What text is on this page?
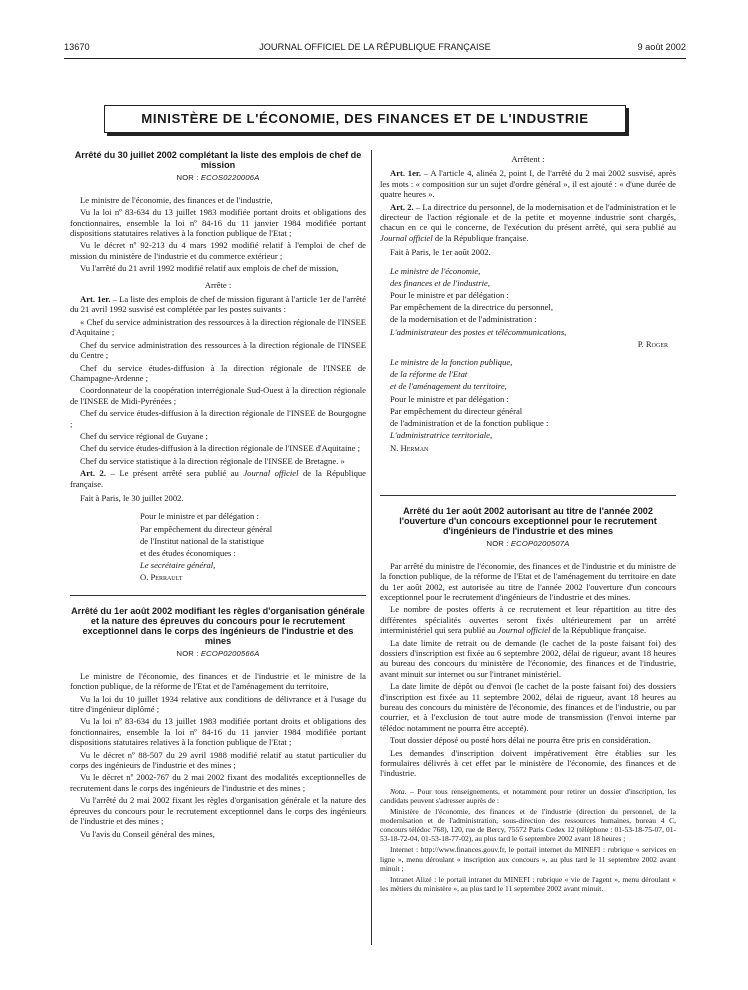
13670	JOURNAL OFFICIEL DE LA RÉPUBLIQUE FRANÇAISE	9 août 2002
MINISTÈRE DE L'ÉCONOMIE, DES FINANCES ET DE L'INDUSTRIE
Arrêté du 30 juillet 2002 complétant la liste des emplois de chef de mission
NOR : ECOS0220006A

Le ministre de l'économie, des finances et de l'industrie,

Vu la loi nº 83-634 du 13 juillet 1983 modifiée portant droits et obligations des fonctionnaires, ensemble la loi nº 84-16 du 11 janvier 1984 modifiée portant dispositions statutaires relatives à la fonction publique de l'Etat ;

Vu le décret nº 92-213 du 4 mars 1992 modifié relatif à l'emploi de chef de mission du ministère de l'industrie et du commerce extérieur ;

Vu l'arrêté du 21 avril 1992 modifié relatif aux emplois de chef de mission,

Arrête :

Art. 1er. – La liste des emplois de chef de mission figurant à l'article 1er de l'arrêté du 21 avril 1992 susvisé est complétée par les postes suivants :

« Chef du service administration des ressources à la direction régionale de l'INSEE d'Aquitaine ;

Chef du service administration des ressources à la direction régionale de l'INSEE du Centre ;

Chef du service études-diffusion à la direction régionale de l'INSEE de Champagne-Ardenne ;

Coordonnateur de la coopération interrégionale Sud-Ouest à la direction régionale de l'INSEE de Midi-Pyrénées ;

Chef du service études-diffusion à la direction régionale de l'INSEE de Bourgogne ;

Chef du service régional de Guyane ;

Chef du service études-diffusion à la direction régionale de l'INSEE d'Aquitaine ;

Chef du service statistique à la direction régionale de l'INSEE de Bretagne. »

Art. 2. – Le présent arrêté sera publié au Journal officiel de la République française.

Fait à Paris, le 30 juillet 2002.

Pour le ministre et par délégation :

Par empêchement du directeur général

de l'Institut national de la statistique

et des études économiques :

Le secrétaire général,

O. Perrault

Arrêté du 1er août 2002 modifiant les règles d'organisation générale et la nature des épreuves du concours pour le recrutement exceptionnel dans le corps des ingénieurs de l'industrie et des mines
NOR : ECOP0200566A

Le ministre de l'économie, des finances et de l'industrie et le ministre de la fonction publique, de la réforme de l'Etat et de l'aménagement du territoire,

Vu la loi du 10 juillet 1934 relative aux conditions de délivrance et à l'usage du titre d'ingénieur diplômé ;

Vu la loi nº 83-634 du 13 juillet 1983 modifiée portant droits et obligations des fonctionnaires, ensemble la loi nº 84-16 du 11 janvier 1984 modifiée portant dispositions statutaires relatives à la fonction publique de l'Etat ;

Vu le décret nº 88-507 du 29 avril 1988 modifié relatif au statut particulier du corps des ingénieurs de l'industrie et des mines ;

Vu le décret nº 2002-767 du 2 mai 2002 fixant des modalités exceptionnelles de recrutement dans le corps des ingénieurs de l'industrie et des mines ;

Vu l'arrêté du 2 mai 2002 fixant les règles d'organisation générale et la nature des épreuves du concours pour le recrutement exceptionnel dans le corps des ingénieurs de l'industrie et des mines ;

Vu l'avis du Conseil général des mines,

Arrêtent :

Art. 1er. – A l'article 4, alinéa 2, point I, de l'arrêté du 2 mai 2002 susvisé, après les mots : « composition sur un sujet d'ordre général », il est ajouté : « d'une durée de quatre heures ».

Art. 2. – La directrice du personnel, de la modernisation et de l'administration et le directeur de l'action régionale et de la petite et moyenne industrie sont chargés, chacun en ce qui le concerne, de l'exécution du présent arrêté, qui sera publié au Journal officiel de la République française.

Fait à Paris, le 1er août 2002.

Le ministre de l'économie,

des finances et de l'industrie,

Pour le ministre et par délégation :

Par empêchement de la directrice du personnel,

de la modernisation et de l'administration :

L'administrateur des postes et télécommunications,

P. Roger

Le ministre de la fonction publique,

de la réforme de l'Etat

et de l'aménagement du territoire,

Pour le ministre et par délégation :

Par empêchement du directeur général

de l'administration et de la fonction publique :

L'administratrice territoriale,

N. Herman

Arrêté du 1er août 2002 autorisant au titre de l'année 2002 l'ouverture d'un concours exceptionnel pour le recrutement d'ingénieurs de l'industrie et des mines
NOR : ECOP0200507A

Par arrêté du ministre de l'économie, des finances et de l'industrie et du ministre de la fonction publique, de la réforme de l'Etat et de l'aménagement du territoire en date du 1er août 2002, est autorisée au titre de l'année 2002 l'ouverture d'un concours exceptionnel pour le recrutement d'ingénieurs de l'industrie et des mines.

Le nombre de postes offerts à ce recrutement et leur répartition au titre des différentes spécialités ouvertes seront fixés ultérieurement par un arrêté interministériel qui sera publié au Journal officiel de la République française.

La date limite de retrait ou de demande (le cachet de la poste faisant foi) des dossiers d'inscription est fixée au 6 septembre 2002, délai de rigueur, avant 18 heures au bureau des concours du ministère de l'économie, des finances et de l'industrie, avant minuit sur internet ou sur l'intranet ministériel.

La date limite de dépôt ou d'envoi (le cachet de la poste faisant foi) des dossiers d'inscription est fixée au 11 septembre 2002, délai de rigueur, avant 18 heures au bureau des concours du ministère de l'économie, des finances et de l'industrie, ou par courrier, et à l'exclusion de tout autre mode de transmission (l'envoi interne par télédoc notamment ne pourra être accepté).

Tout dossier déposé ou posté hors délai ne pourra être pris en considération.

Les demandes d'inscription doivent impérativement être établies sur les formulaires délivrés à cet effet par le ministère de l'économie, des finances et de l'industrie.

Nota. – Pour tous renseignements, et notamment pour retirer un dossier d'inscription, les candidats peuvent s'adresser auprès de :

Ministère de l'économie, des finances et de l'industrie (direction du personnel, de la modernisation et de l'administration, sous-direction des ressources humaines, bureau 4 C, concours télédoc 768), 120, rue de Bercy, 75572 Paris Cedex 12 (téléphone : 01-53-18-75-07, 01-53-18-72-04, 01-53-18-77-02), au plus tard le 6 septembre 2002 avant 18 heures ;

Internet : http://www.finances.gouv.fr, le portail internet du MINEFI : rubrique « services en ligne », menu déroulant « inscription aux concours », au plus tard le 11 septembre 2002 avant minuit ;

Intranet Alizé : le portail intranet du MINEFI : rubrique « vie de l'agent », menu déroulant « les métiers du ministère », au plus tard le 11 septembre 2002 avant minuit.
